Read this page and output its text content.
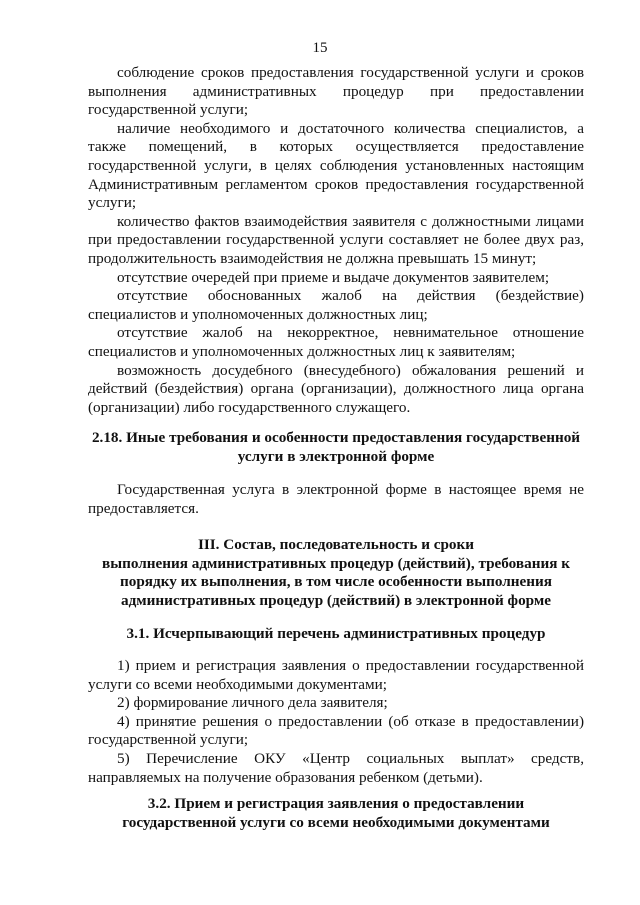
15

соблюдение сроков предоставления государственной услуги и сроков выполнения административных процедур при предоставлении государственной услуги;

наличие необходимого и достаточного количества специалистов, а также помещений, в которых осуществляется предоставление государственной услуги, в целях соблюдения установленных настоящим Административным регламентом сроков предоставления государственной услуги;

количество фактов взаимодействия заявителя с должностными лицами при предоставлении государственной услуги составляет не более двух раз, продолжительность взаимодействия не должна превышать 15 минут;

отсутствие очередей при приеме и выдаче документов заявителем;

отсутствие обоснованных жалоб на действия (бездействие) специалистов и уполномоченных должностных лиц;

отсутствие жалоб на некорректное, невнимательное отношение специалистов и уполномоченных должностных лиц к заявителям;

возможность досудебного (внесудебного) обжалования решений и действий (бездействия) органа (организации), должностного лица органа (организации) либо государственного служащего.

2.18. Иные требования и особенности предоставления государственной
услуги в электронной форме

Государственная услуга в электронной форме в настоящее время не предоставляется.

III. Состав, последовательность и сроки
выполнения административных процедур (действий), требования к
порядку их выполнения, в том числе особенности выполнения
административных процедур (действий) в электронной форме
3.1. Исчерпывающий перечень административных процедур

1) прием и регистрация заявления о предоставлении государственной услуги со всеми необходимыми документами;

2) формирование личного дела заявителя;

4) принятие решения о предоставлении (об отказе в предоставлении) государственной услуги;

5) Перечисление ОКУ «Центр социальных выплат» средств, направляемых на получение образования ребенком (детьми).

3.2. Прием и регистрация заявления о предоставлении
государственной услуги со всеми необходимыми документами
